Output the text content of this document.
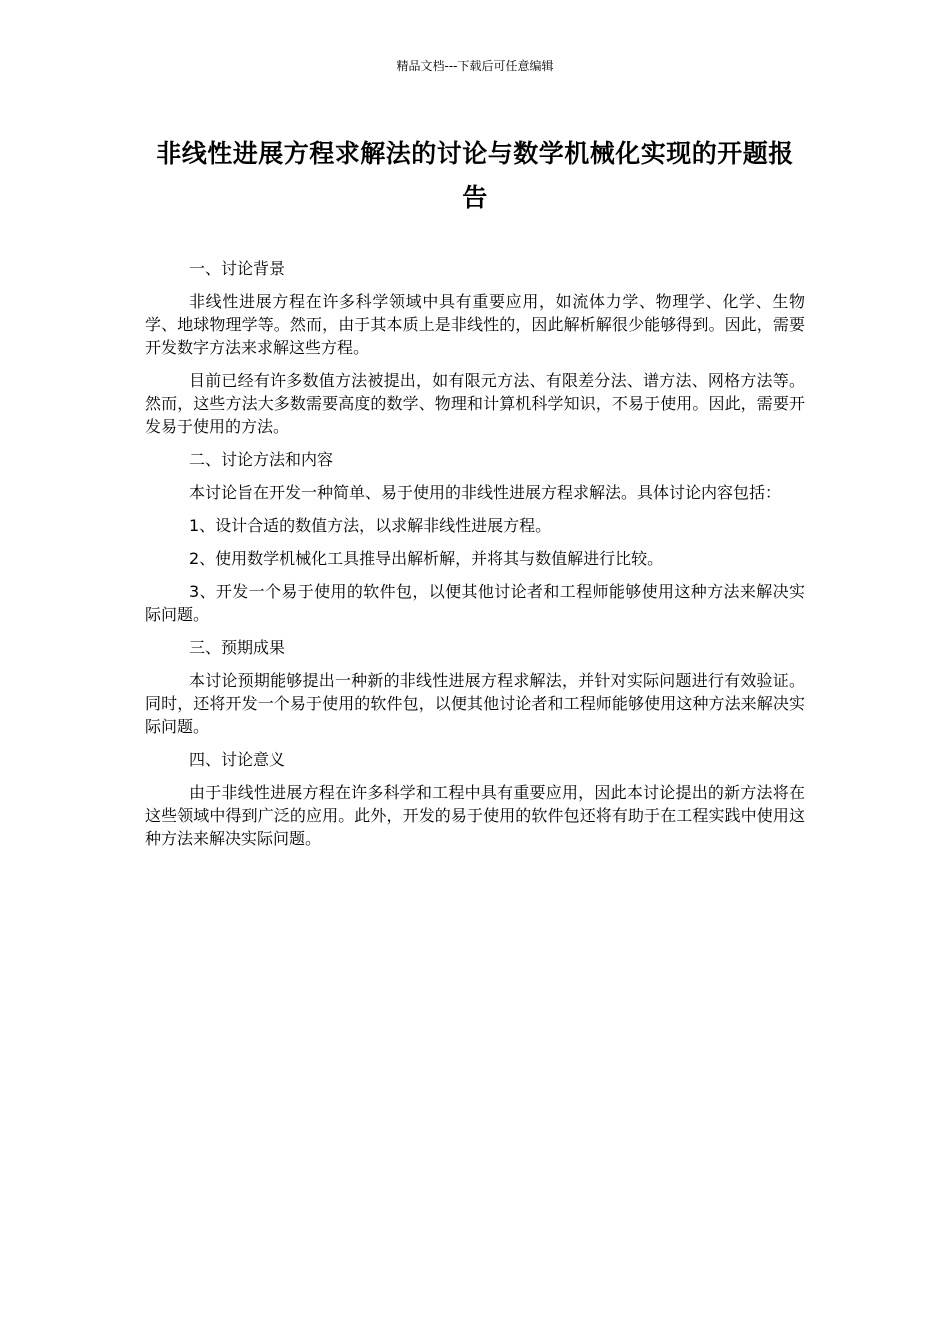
精品文档---下载后可任意编辑
非线性进展方程求解法的讨论与数学机械化实现的开题报告

一、讨论背景

非线性进展方程在许多科学领域中具有重要应用，如流体力学、物理学、化学、生物学、地球物理学等。然而，由于其本质上是非线性的，因此解析解很少能够得到。因此，需要开发数字方法来求解这些方程。

目前已经有许多数值方法被提出，如有限元方法、有限差分法、谱方法、网格方法等。然而，这些方法大多数需要高度的数学、物理和计算机科学知识，不易于使用。因此，需要开发易于使用的方法。

二、讨论方法和内容

本讨论旨在开发一种简单、易于使用的非线性进展方程求解法。具体讨论内容包括：

1、设计合适的数值方法，以求解非线性进展方程。

2、使用数学机械化工具推导出解析解，并将其与数值解进行比较。

3、开发一个易于使用的软件包，以便其他讨论者和工程师能够使用这种方法来解决实际问题。

三、预期成果

本讨论预期能够提出一种新的非线性进展方程求解法，并针对实际问题进行有效验证。同时，还将开发一个易于使用的软件包，以便其他讨论者和工程师能够使用这种方法来解决实际问题。

四、讨论意义

由于非线性进展方程在许多科学和工程中具有重要应用，因此本讨论提出的新方法将在这些领域中得到广泛的应用。此外，开发的易于使用的软件包还将有助于在工程实践中使用这种方法来解决实际问题。
